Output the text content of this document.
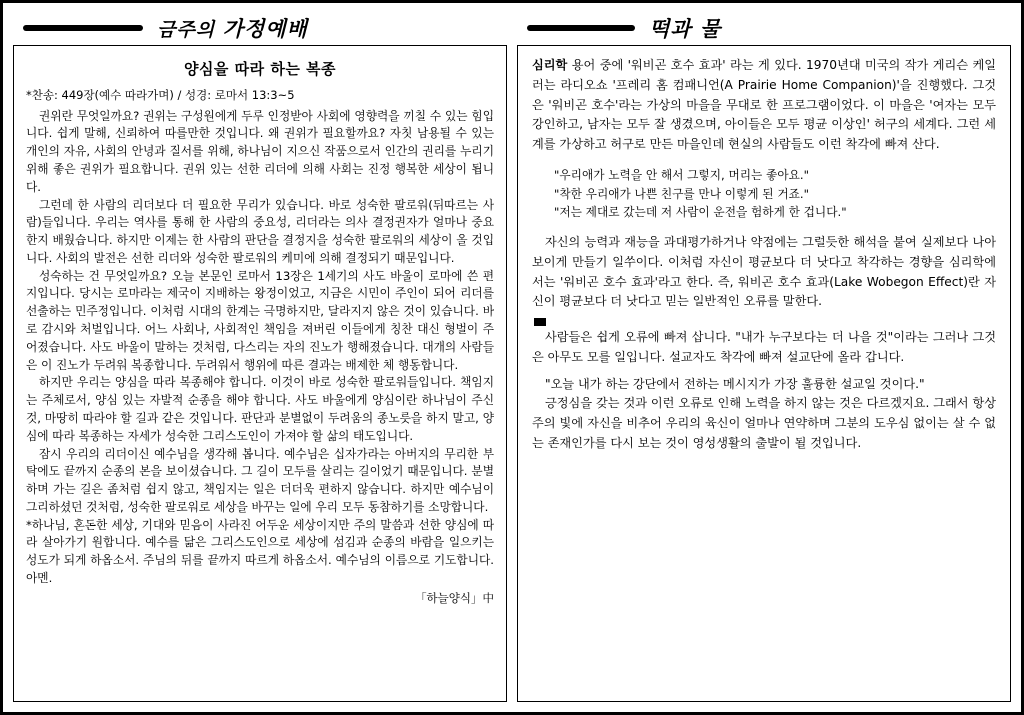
금주의 가정예배
양심을 따라 하는 복종
*찬송: 449장(예수 따라가며) / 성경: 로마서 13:3~5

권위란 무엇일까요? 권위는 구성원에게 두루 인정받아 사회에 영향력을 끼칠 수 있는 힘입니다. 쉽게 말해, 신뢰하여 따를만한 것입니다. 왜 권위가 필요할까요? 자칫 남용될 수 있는 개인의 자유, 사회의 안녕과 질서를 위해, 하나님이 지으신 작품으로서 인간의 권리를 누리기 위해 좋은 권위가 필요합니다. 권위 있는 선한 리더에 의해 사회는 진정 행복한 세상이 됩니다.

그런데 한 사람의 리더보다 더 필요한 무리가 있습니다. 바로 성숙한 팔로워(뒤따르는 사람)들입니다. 우리는 역사를 통해 한 사람의 중요성, 리더라는 의사 결정권자가 얼마나 중요한지 배웠습니다. 하지만 이제는 한 사람의 판단을 결정지을 성숙한 팔로워의 세상이 올 것입니다. 사회의 발전은 선한 리더와 성숙한 팔로워의 케미에 의해 결정되기 때문입니다.

성숙하는 건 무엇일까요? 오늘 본문인 로마서 13장은 1세기의 사도 바울이 로마에 쓴 편지입니다. 당시는 로마라는 제국이 지배하는 왕정이었고, 지금은 시민이 주인이 되어 리더를 선출하는 민주정입니다. 이처럼 시대의 한계는 극명하지만, 달라지지 않은 것이 있습니다. 바로 감시와 처벌입니다. 어느 사회나, 사회적인 책임을 져버린 이들에게 칭찬 대신 형벌이 주어졌습니다. 사도 바울이 말하는 것처럼, 다스리는 자의 진노가 행해졌습니다. 대개의 사람들은 이 진노가 두려워 복종합니다. 두려워서 행위에 따른 결과는 배제한 체 행동합니다.

하지만 우리는 양심을 따라 복종해야 합니다. 이것이 바로 성숙한 팔로워들입니다. 책임지는 주체로서, 양심 있는 자발적 순종을 해야 합니다. 사도 바울에게 양심이란 하나님이 주신 것, 마땅히 따라야 할 길과 같은 것입니다. 판단과 분별없이 두려움의 종노릇을 하지 말고, 양심에 따라 복종하는 자세가 성숙한 그리스도인이 가져야 할 삶의 태도입니다.

잠시 우리의 리더이신 예수님을 생각해 봅니다. 예수님은 십자가라는 아버지의 무리한 부탁에도 끝까지 순종의 본을 보이셨습니다. 그 길이 모두를 살리는 길이었기 때문입니다. 분별하며 가는 길은 좀처럼 쉽지 않고, 책임지는 일은 더더욱 편하지 않습니다. 하지만 예수님이 그리하셨던 것처럼, 성숙한 팔로워로 세상을 바꾸는 일에 우리 모두 동참하기를 소망합니다.

*하나님, 혼돈한 세상, 기대와 믿음이 사라진 어두운 세상이지만 주의 말씀과 선한 양심에 따라 살아가기 원합니다. 예수를 닮은 그리스도인으로 세상에 섬김과 순종의 바람을 일으키는 성도가 되게 하옵소서. 주님의 뒤를 끝까지 따르게 하옵소서. 예수님의 이름으로 기도합니다. 아멘.

「하늘양식」中
떡과 물

심리학 용어 중에 '워비곤 호수 효과' 라는 게 있다. 1970년대 미국의 작가 게리슨 케일러는 라디오쇼 '프레리 홈 컴패니언(A Prairie Home Companion)'을 진행했다. 그것은 '워비곤 호수'라는 가상의 마을을 무대로 한 프로그램이었다. 이 마을은 '여자는 모두 강인하고, 남자는 모두 잘 생겼으며, 아이들은 모두 평균 이상인' 허구의 세계다. 그런 세계를 가상하고 허구로 만든 마을인데 현실의 사람들도 이런 착각에 빠져 산다.

"우리애가 노력을 안 해서 그렇지, 머리는 좋아요."

"착한 우리애가 나쁜 친구를 만나 이렇게 된 거죠."

"저는 제대로 갔는데 저 사람이 운전을 험하게 한 겁니다."

자신의 능력과 재능을 과대평가하거나 약점에는 그럴듯한 해석을 붙여 실제보다 나아 보이게 만들기 일쑤이다. 이처럼 자신이 평균보다 더 낫다고 착각하는 경향을 심리학에서는 '워비곤 호수 효과'라고 한다. 즉, 워비곤 호수 효과(Lake Wobegon Effect)란 자신이 평균보다 더 낫다고 믿는 일반적인 오류를 말한다.

사람들은 쉽게 오류에 빠져 삽니다. "내가 누구보다는 더 나을 것"이라는 그러나 그것은 아무도 모를 일입니다. 설교자도 착각에 빠져 설교단에 올라 갑니다.

"오늘 내가 하는 강단에서 전하는 메시지가 가장 훌륭한 설교일 것이다."

긍정심을 갖는 것과 이런 오류로 인해 노력을 하지 않는 것은 다르겠지요. 그래서 항상 주의 빛에 자신을 비추어 우리의 육신이 얼마나 연약하며 그분의 도우심 없이는 살 수 없는 존재인가를 다시 보는 것이 영성생활의 출발이 될 것입니다.
